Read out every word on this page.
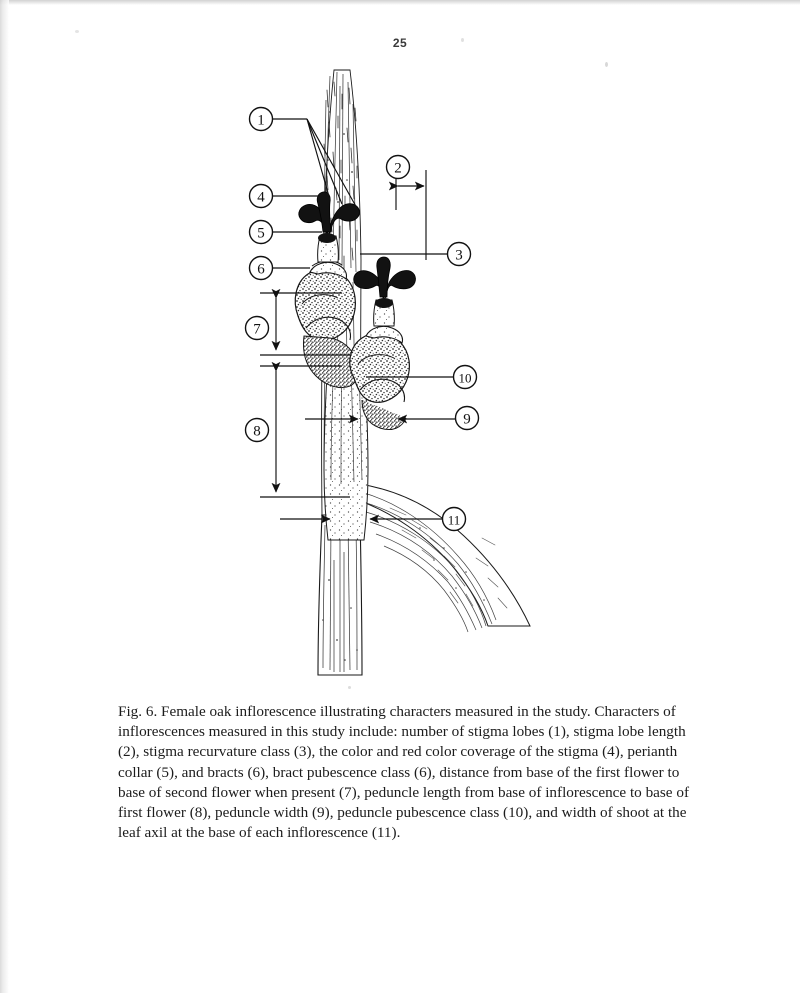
25
1
2
3
4
5
6
7
8
9
10
11
Fig. 6. Female oak inflorescence illustrating characters measured in the study. Characters of inflorescences measured in this study include: number of stigma lobes (1), stigma lobe length (2), stigma recurvature class (3), the color and red color coverage of the stigma (4), perianth collar (5), and bracts (6), bract pubescence class (6), distance from base of the first flower to base of second flower when present (7), peduncle length from base of inflorescence to base of first flower (8), peduncle width (9), peduncle pubescence class (10), and width of shoot at the leaf axil at the base of each inflorescence (11).
